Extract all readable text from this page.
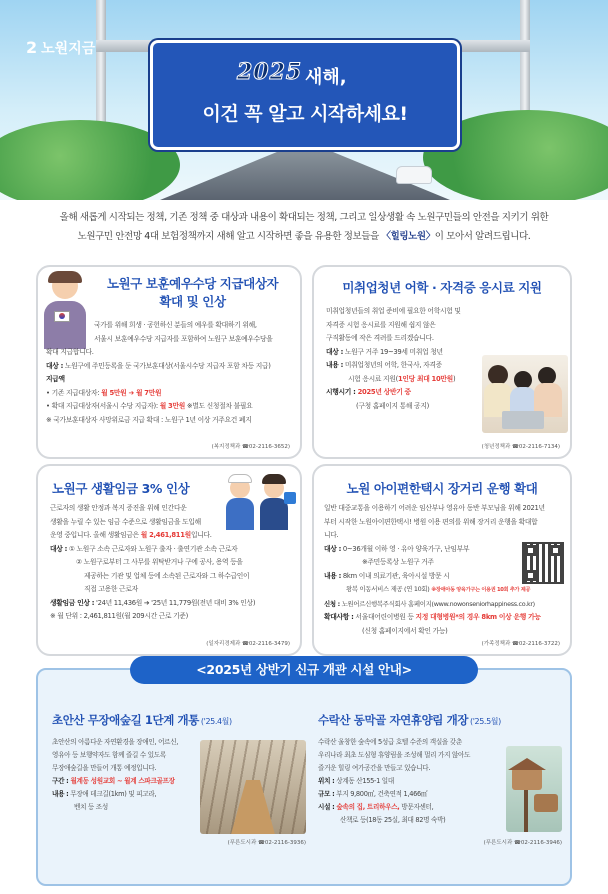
2 노원지금
2025 새해,
이건 꼭 알고 시작하세요!
올해 새롭게 시작되는 정책, 기존 정책 중 대상과 내용이 확대되는 정책, 그리고 일상생활 속 노원구민들의 안전을 지키기 위한
노원구민 안전망 4대 보험정책까지 새해 알고 시작하면 좋을 유용한 정보들을 〈힐링노원〉이 모아서 알려드립니다.
노원구 보훈예우수당 지급대상자
확대 및 인상
국가를 위해 희생 · 공헌하신 분들의 예우를 확대하기 위해,
서울시 보훈예우수당 지급자를 포함하여 노원구 보훈예우수당을
확대 지급합니다.
대상 : 노원구에 주민등록을 둔 국가보훈대상(서울시수당 지급자 포함 차등 지급)
지급액
• 기존 지급대상자: 월 5만원 ➔ 월 7만원
• 확대 지급대상자(서울시 수당 지급자): 월 3만원 ※별도 신청절차 불필요
※ 국가보훈대상자 사망위로금 지급 확대 : 노원구 1년 이상 거주요건 폐지
(복지정책과 ☎02-2116-3652)
미취업청년 어학 · 자격증 응시료 지원
미취업청년들의 취업 준비에 필요한 어학시험 및
자격증 시험 응시료를 지원해 쉽지 않은
구직활동에 작은 격려를 드리겠습니다.
대상 : 노원구 거주 19~39세 미취업 청년
내용 : 미취업청년의 어학, 한국사, 자격증
시험 응시료 지원(1인당 최대 10만원)
시행시기 : 2025년 상반기 중
(구청 홈페이지 통해 공지)
(청년정책과 ☎02-2116-7134)
노원구 생활임금 3% 인상
근로자의 생활 안정과 복지 증진을 위해 인간다운
생활을 누릴 수 있는 임금 수준으로 생활임금을 도입해
운영 중입니다. 올해 생활임금은 월 2,461,811원입니다.
대상 : ① 노원구 소속 근로자와 노원구 출자 · 출연기관 소속 근로자
② 노원구로부터 그 사무를 위탁받거나 구에 공사, 용역 등을
제공하는 기관 및 업체 등에 소속된 근로자와 그 하수급인이
직접 고용한 근로자
생활임금 인상 : '24년 11,436원 ➔ '25년 11,779원(전년 대비 3% 인상)
※ 월 단위 : 2,461,811원(월 209시간 근로 기준)
(일자리경제과 ☎02-2116-3479)
노원 아이편한택시 장거리 운행 확대
일반 대중교통을 이용하기 어려운 임산부나 영유아 동반 부모님을 위해 2021년
부터 시작한 노원아이편한택시! 병원 이용 편의를 위해 장거리 운행을 확대합
니다.
대상 : 0~36개월 이하 영 · 유아 양육가구, 난임부부
※주민등록상 노원구 거주
내용 : 8km 이내 의료기관, 육아시설 방문 시
왕복 이동서비스 제공 (연 10회) ※장애아동 양육가구는 이용권 10회 추가 제공
신청 : 노원어르신행복주식회사 홈페이지(www.nowonseniorhappiness.co.kr)
확대사항 : 서울대어린이병원 등 지정 대형병원*의 경우 8km 이상 운행 가능
(신청 홈페이지에서 확인 가능)
(가족정책과 ☎02-2116-3722)
<2025년 상반기 신규 개관 시설 안내>
초안산 무장애숲길 1단계 개통 ('25.4월)
초안산의 아름다운 자연환경을 장애인, 어르신,
영유아 등 보행약자도 함께 즐길 수 있도록
무장애숲길을 만들어 개통 예정입니다.
구간 : 월계동 성원교회 ~ 월계 스파크골프장
내용 : 무장애 데크길(1km) 및 피고라,
벤치 등 조성
(푸른도시과 ☎02-2116-3936)
수락산 동막골 자연휴양림 개장 ('25.5월)
수락산 울창한 숲속에 5성급 호텔 수준의 객실을 갖춘
우리나라 최초 도심형 휴양림을 조성해 멀리 가지 않아도
즐거운 힐링 여가공간을 만들고 있습니다.
위치 : 상계동 산155-1 일대
규모 : 부지 9,800㎡, 건축연적 1,466㎡
시설 : 숲속의 집, 트리하우스, 방문자센터,
산책로 등(18동 25실, 최대 82명 숙박)
(푸른도시과 ☎02-2116-3946)
